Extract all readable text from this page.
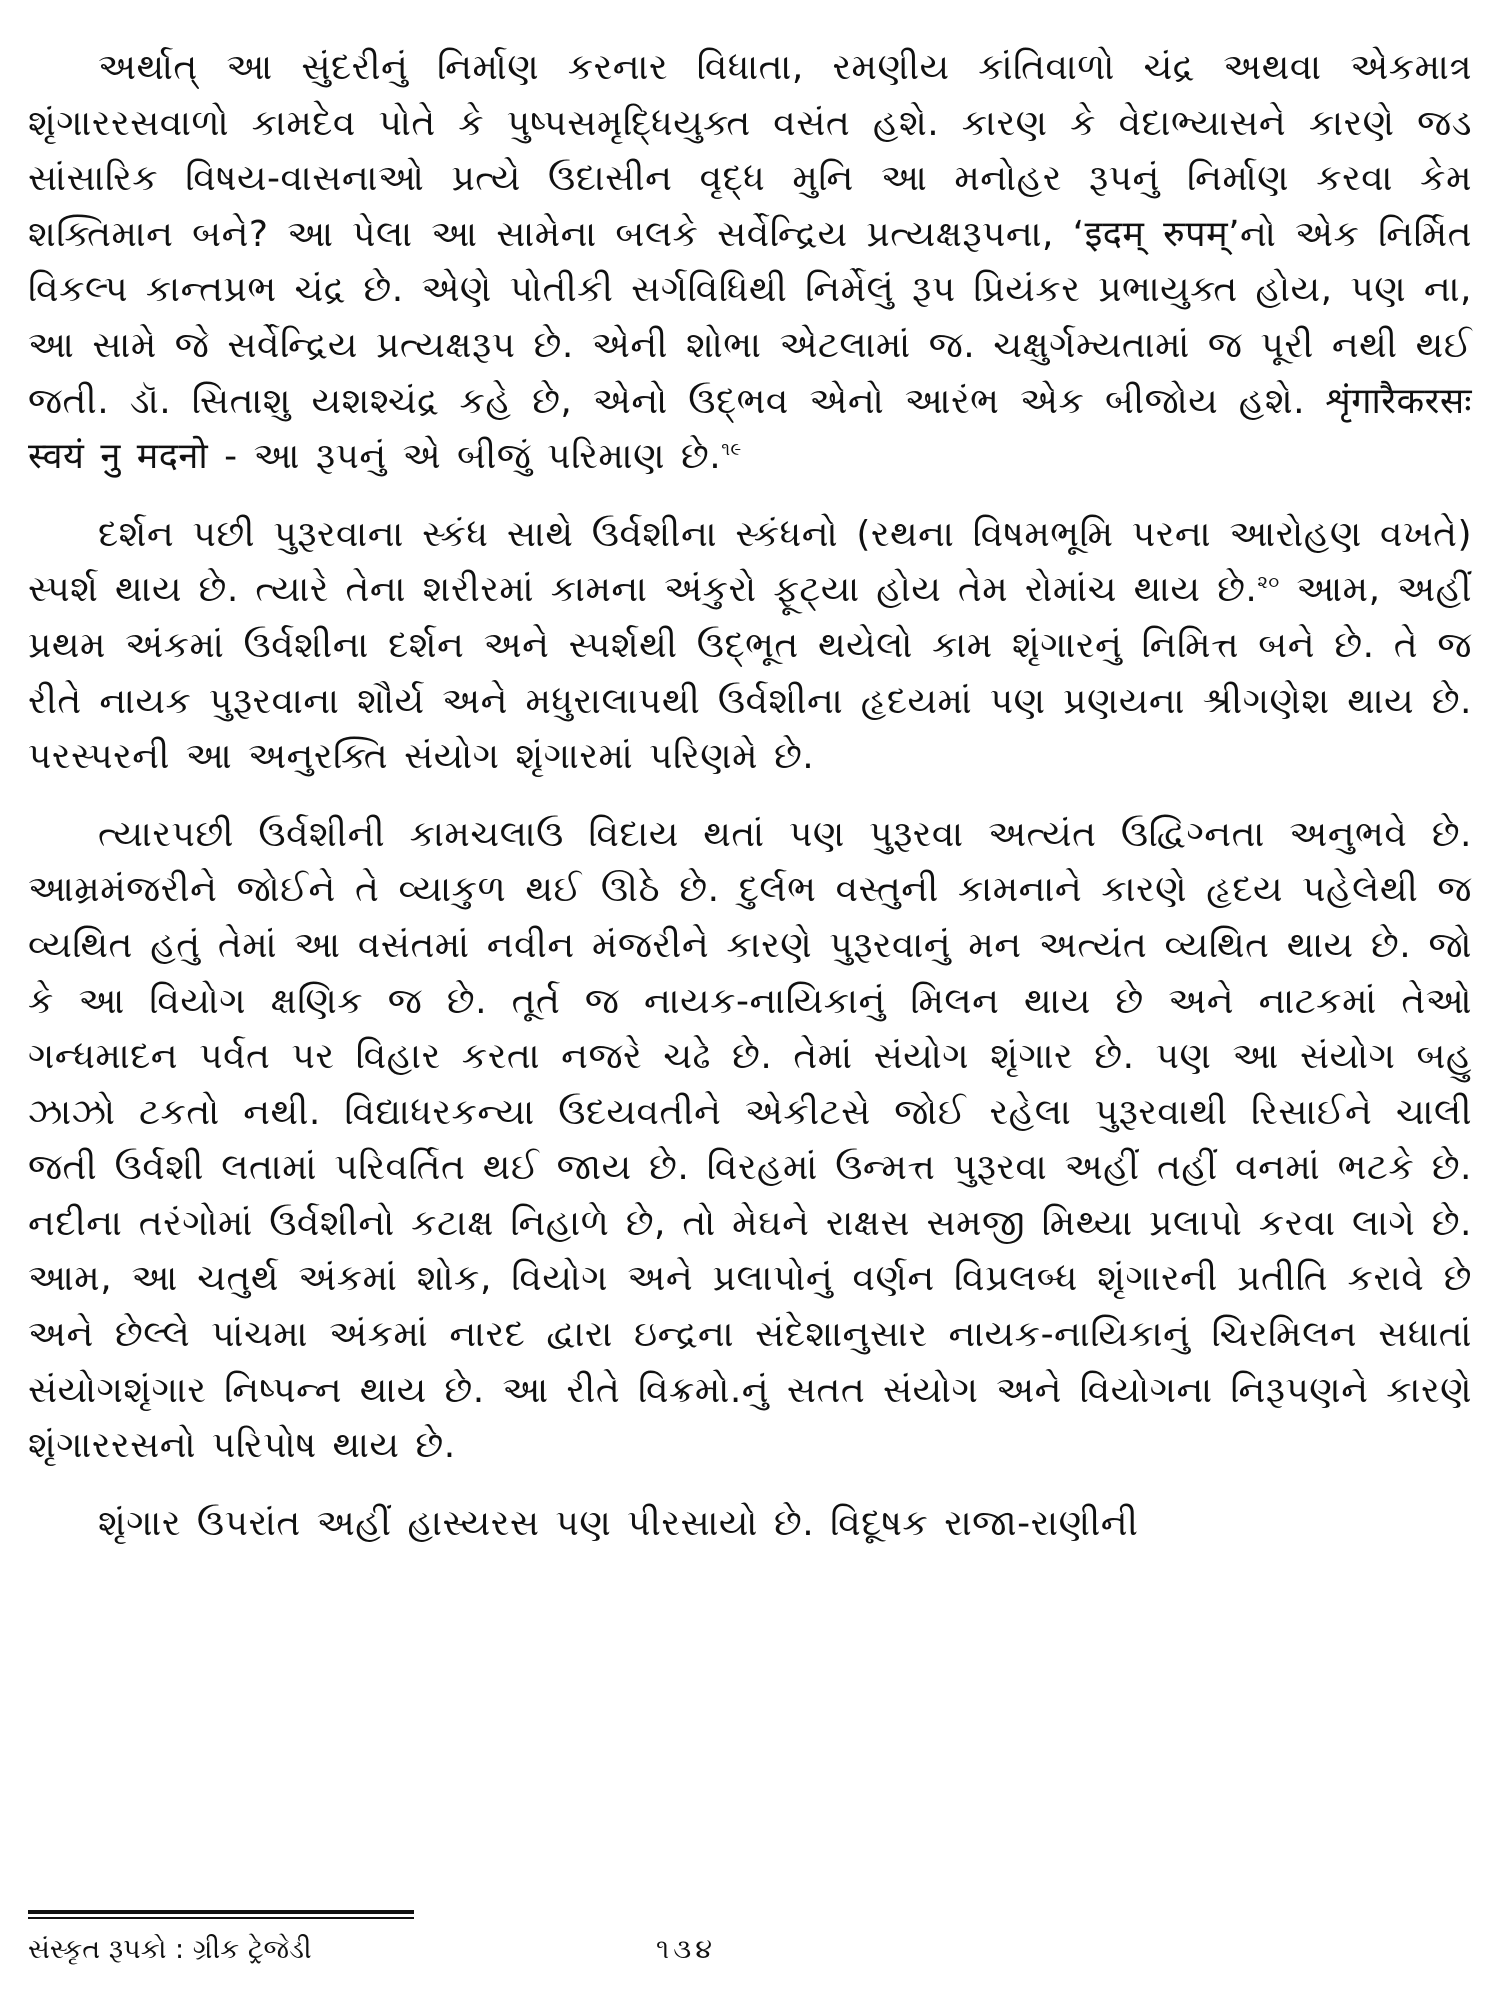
અર્થાત્ આ સુંદરીનું નિર્માણ કરનાર વિધાતા, રમણીય કાંતિવાળો ચંદ્ર અથવા એકમાત્ર શૃંગારરસવાળો કામદેવ પોતે કે પુષ્પસમૃદ્ધિયુક્ત વસંત હશે. કારણ કે વેદાભ્યાસને કારણે જડ સાંસારિક વિષય-વાસનાઓ પ્રત્યે ઉદાસીન વૃદ્ધ મુનિ આ મનોહર રૂપનું નિર્માણ કરવા કેમ શક્તિમાન બને? આ પેલા આ સામેના બલકે સર્વેન્દ્રિય પ્રત્યક્ષરૂપના, ‘इदम् रुपम्’નો એક નિર્મિત વિકલ્પ કાન્તપ્રભ ચંદ્ર છે. એણે પોતીકી સર્ગવિધિથી નિર્મેલું રૂપ પ્રિયંકર પ્રભાયુક્ત હોય, પણ ના, આ સામે જે સર્વેન્દ્રિય પ્રત્યક્ષરૂપ છે. એની શોભા એટલામાં જ. ચક્ષુર્ગમ્યતામાં જ પૂરી નથી થઈ જતી. ડૉ. સિતાશુ યશશ્ચંદ્ર કહે છે, એનો ઉદ્‌ભવ એનો આરંભ એક બીજોય હશે. शृंगारैकरसः स्वयं नु मदनो - આ રૂપનું એ બીજું પરિમાણ છે.$^{૧૯}$

દર્શન પછી પુરૂરવાના સ્કંધ સાથે ઉર્વશીના સ્કંધનો (રથના વિષમભૂમિ પરના આરોહણ વખતે) સ્પર્શ થાય છે. ત્યારે તેના શરીરમાં કામના અંકુરો ફૂટ્યા હોય તેમ રોમાંચ થાય છે.$^{૨૦}$ આમ, અહીં પ્રથમ અંકમાં ઉર્વશીના દર્શન અને સ્પર્શથી ઉદ્‌ભૂત થયેલો કામ શૃંગારનું નિમિત્ત બને છે. તે જ રીતે નાયક પુરૂરવાના શૌર્ય અને મધુરાલાપથી ઉર્વશીના હૃદયમાં પણ પ્રણયના શ્રીગણેશ થાય છે. પરસ્પરની આ અનુરક્તિ સંયોગ શૃંગારમાં પરિણમે છે.

ત્યારપછી ઉર્વશીની કામચલાઉ વિદાય થતાં પણ પુરૂરવા અત્યંત ઉદ્વિગ્નતા અનુભવે છે. આમ્રમંજરીને જોઈને તે વ્યાકુળ થઈ ઊઠે છે. દુર્લભ વસ્તુની કામનાને કારણે હૃદય પહેલેથી જ વ્યથિત હતું તેમાં આ વસંતમાં નવીન મંજરીને કારણે પુરૂરવાનું મન અત્યંત વ્યથિત થાય છે. જો કે આ વિયોગ ક્ષણિક જ છે. તૂર્ત જ નાયક-નાયિકાનું મિલન થાય છે અને નાટકમાં તેઓ ગન્ધમાદન પર્વત પર વિહાર કરતા નજરે ચઢે છે. તેમાં સંયોગ શૃંગાર છે. પણ આ સંયોગ બહુ ઝાઝો ટકતો નથી. વિદ્યાધરકન્યા ઉદયવતીને એકીટસે જોઈ રહેલા પુરૂરવાથી રિસાઈને ચાલી જતી ઉર્વશી લતામાં પરિવર્તિત થઈ જાય છે. વિરહમાં ઉન્મત્ત પુરૂરવા અહીં તહીં વનમાં ભટકે છે. નદીના તરંગોમાં ઉર્વશીનો કટાક્ષ નિહાળે છે, તો મેઘને રાક્ષસ સમજી મિથ્યા પ્રલાપો કરવા લાગે છે. આમ, આ ચતુર્થ અંકમાં શોક, વિયોગ અને પ્રલાપોનું વર્ણન વિપ્રલબ્ધ શૃંગારની પ્રતીતિ કરાવે છે અને છેલ્લે પાંચમા અંકમાં નારદ દ્વારા ઇન્દ્રના સંદેશાનુસાર નાયક-નાયિકાનું ચિરમિલન સધાતાં સંયોગશૃંગાર નિષ્પન્ન થાય છે. આ રીતે વિક્રમો.નું સતત સંયોગ અને વિયોગના નિરૂપણને કારણે શૃંગારરસનો પરિપોષ થાય છે.

શૃંગાર ઉપરાંત અહીં હાસ્યરસ પણ પીરસાયો છે. વિદૂષક રાજા-રાણીની

સંસ્કૃત રૂપકો : ગ્રીક ટ્રેજેડી	૧૩૪
